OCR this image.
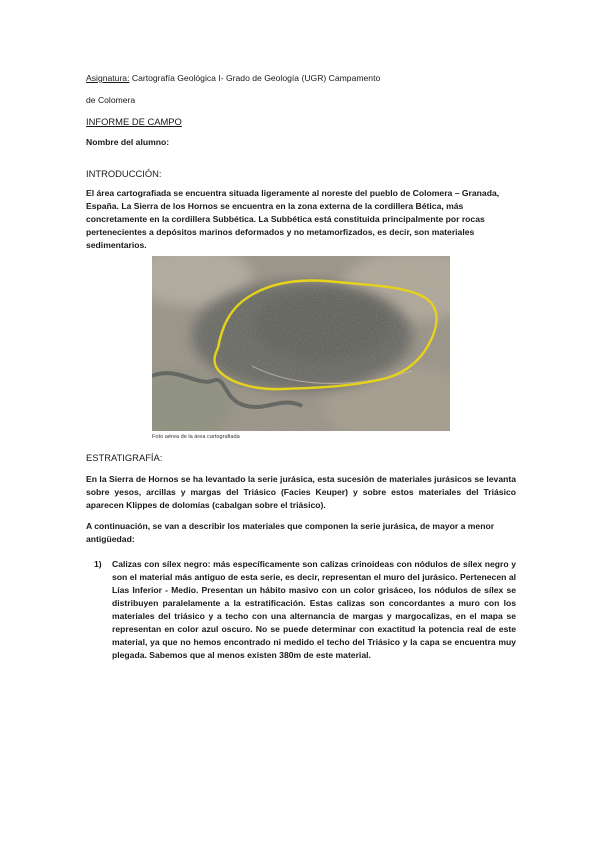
Asignatura: Cartografía Geológica I- Grado de Geología (UGR) Campamento

de Colomera

INFORME DE CAMPO

Nombre del alumno:

INTRODUCCIÓN:

El área cartografiada se encuentra situada ligeramente al noreste del pueblo de Colomera – Granada, España. La Sierra de los Hornos se encuentra en la zona externa de la cordillera Bética, más concretamente en la cordillera Subbética. La Subbética está constituida principalmente por rocas pertenecientes a depósitos marinos deformados y no metamorfizados, es decir, son materiales sedimentarios.

Foto aérea de la área cartografiada

ESTRATIGRAFÍA:

En la Sierra de Hornos se ha levantado la serie jurásica, esta sucesión de materiales jurásicos se levanta sobre yesos, arcillas y margas del Triásico (Facies Keuper) y sobre estos materiales del Triásico aparecen Klippes de dolomías (cabalgan sobre el triásico).

A continuación, se van a describir los materiales que componen la serie jurásica, de mayor a menor antigüedad:

1) Calizas con sílex negro: más específicamente son calizas crinoideas con nódulos de sílex negro y son el material más antiguo de esta serie, es decir, representan el muro del jurásico. Pertenecen al Lías Inferior - Medio. Presentan un hábito masivo con un color grisáceo, los nódulos de sílex se distribuyen paralelamente a la estratificación. Estas calizas son concordantes a muro con los materiales del triásico y a techo con una alternancia de margas y margocalizas, en el mapa se representan en color azul oscuro. No se puede determinar con exactitud la potencia real de este material, ya que no hemos encontrado ni medido el techo del Triásico y la capa se encuentra muy plegada. Sabemos que al menos existen 380m de este material.
